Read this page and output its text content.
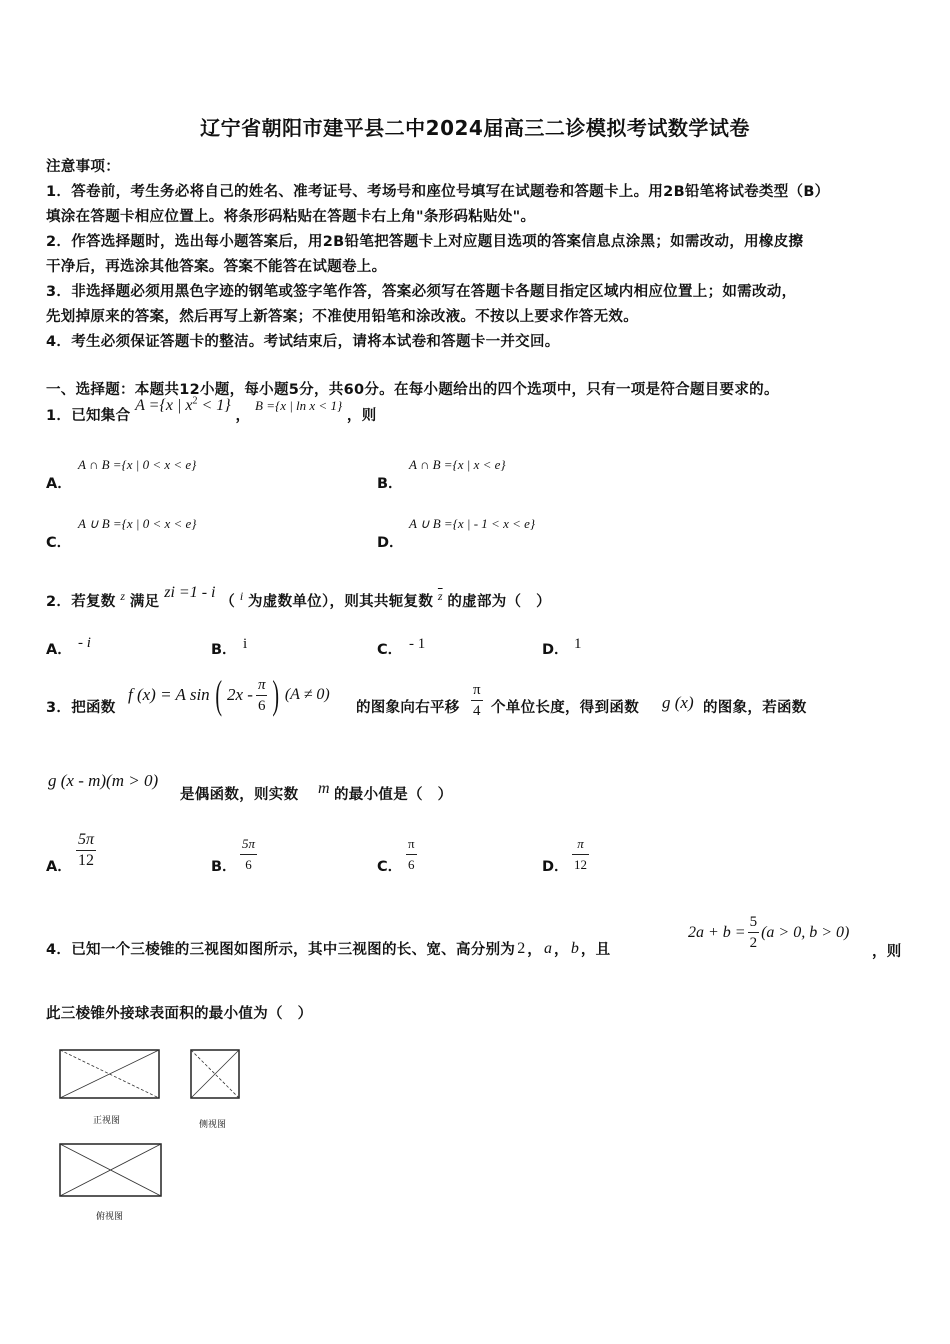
辽宁省朝阳市建平县二中2024届高三二诊模拟考试数学试卷
注意事项：
1．答卷前，考生务必将自己的姓名、准考证号、考场号和座位号填写在试题卷和答题卡上。用2B铅笔将试卷类型（B）
填涂在答题卡相应位置上。将条形码粘贴在答题卡右上角"条形码粘贴处"。
2．作答选择题时，选出每小题答案后，用2B铅笔把答题卡上对应题目选项的答案信息点涂黑；如需改动，用橡皮擦
干净后，再选涂其他答案。答案不能答在试题卷上。
3．非选择题必须用黑色字迹的钢笔或签字笔作答，答案必须写在答题卡各题目指定区域内相应位置上；如需改动，
先划掉原来的答案，然后再写上新答案；不准使用铅笔和涂改液。不按以上要求作答无效。
4．考生必须保证答题卡的整洁。考试结束后，请将本试卷和答题卡一并交回。
一、选择题：本题共12小题，每小题5分，共60分。在每小题给出的四个选项中，只有一项是符合题目要求的。
1．已知集合 A ={x | $x^2 < 1$} ， B ={x | ln x < 1} ，则
A．
A ∩ B ={x | 0 < x < e}
B．
A ∩ B ={x | x < e}
C．
A ∪ B ={x | 0 < x < e}
D．
A ∪ B ={x | - 1 < x < e}
2．若复数 $^z$ 满足 zi =1 - i （ $^i$ 为虚数单位），则其共轭复数 $^{\overline{z}}$ 的虚部为（　）
A． - i	B． i	C． - 1	D． 1
3．把函数
f (x) = A sin ( $2x - \frac{\pi}{6}$ ) (A ≠ 0)
的图象向右平移 $\frac{\pi}{4}$ 个单位长度，得到函数 g (x) 的图象，若函数
g (x - m)(m > 0)
是偶函数，则实数 m 的最小值是（　）
A． $\frac{5\pi}{12}$	B． $\frac{5\pi}{6}$	C． $\frac{\pi}{6}$	D． $\frac{\pi}{12}$
4．已知一个三棱锥的三视图如图所示，其中三视图的长、宽、高分别为 2 ， a ， b ，且
$2a + b = \frac{5}{2} (a > 0$, b > 0)
，则
此三棱锥外接球表面积的最小值为（　）
正视图	侧视图
俯视图
